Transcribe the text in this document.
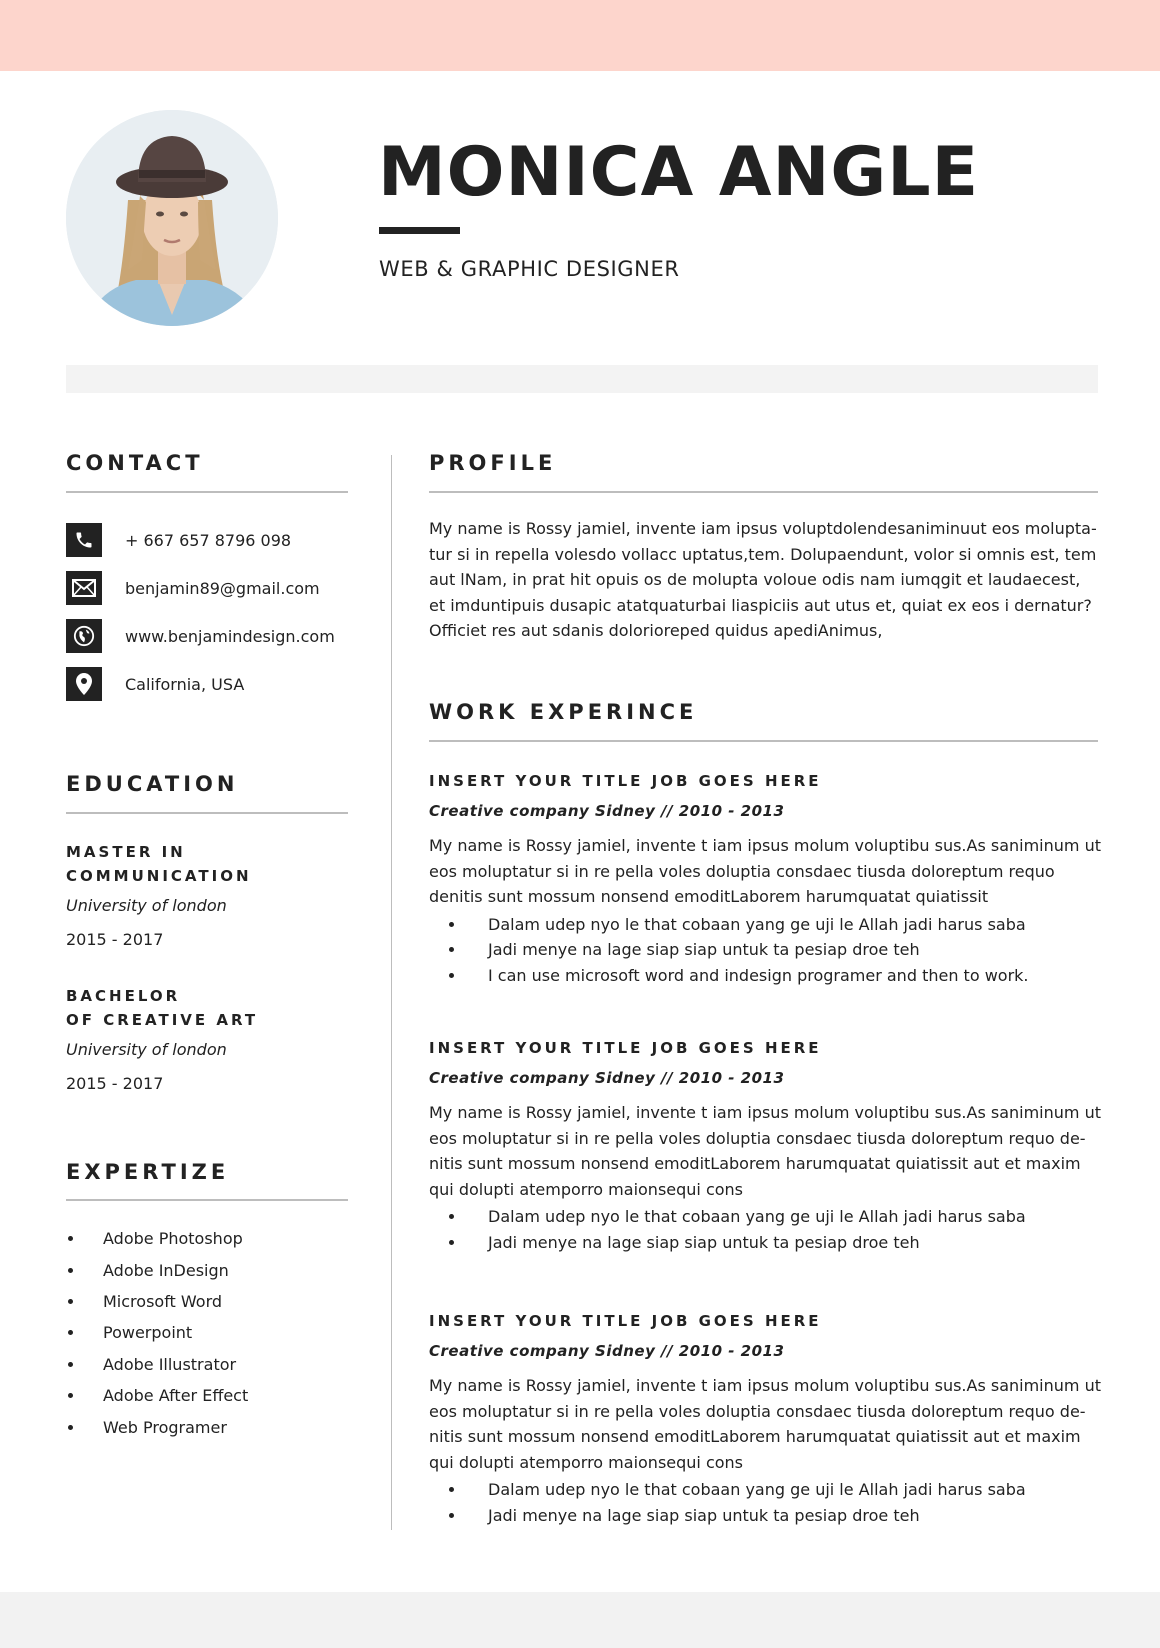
MONICA ANGLE

WEB & GRAPHIC DESIGNER

CONTACT
+ 667 657 8796 098
benjamin89@gmail.com
www.benjamindesign.com
California, USA
EDUCATION

MASTER IN
COMMUNICATION

University of london

2015 - 2017

BACHELOR
OF CREATIVE ART

University of london

2015 - 2017

EXPERTIZE
Adobe Photoshop
Adobe InDesign
Microsoft Word
Powerpoint
Adobe Illustrator
Adobe After Effect
Web Programer
PROFILE

My name is Rossy jamiel, invente iam ipsus voluptdolendesaniminuut eos molupta-tur si in repella volesdo vollacc uptatus,tem. Dolupaendunt, volor si omnis est, tem aut lNam, in prat hit opuis os de molupta voloue odis nam iumqgit et laudaecest, et imduntipuis dusapic atatquaturbai liaspiciis aut utus et, quiat ex eos i dernatur? Officiet res aut sdanis dolorioreped quidus apediAnimus,

WORK EXPERINCE

INSERT YOUR TITLE JOB GOES HERE

Creative company Sidney // 2010 - 2013

My name is Rossy jamiel, invente t iam ipsus molum voluptibu sus.As saniminum ut eos moluptatur si in re pella voles doluptia consdaec tiusda doloreptum requo denitis sunt mossum nonsend emoditLaborem harumquatat quiatissit

Dalam udep nyo le that cobaan yang ge uji le Allah jadi harus saba
Jadi menye na lage siap siap untuk ta pesiap droe teh
I can use microsoft word and indesign programer and then to work.

INSERT YOUR TITLE JOB GOES HERE

Creative company Sidney // 2010 - 2013

My name is Rossy jamiel, invente t iam ipsus molum voluptibu sus.As saniminum ut eos moluptatur si in re pella voles doluptia consdaec tiusda doloreptum requo de-nitis sunt mossum nonsend emoditLaborem harumquatat quiatissit aut et maxim qui dolupti atemporro maionsequi cons

Dalam udep nyo le that cobaan yang ge uji le Allah jadi harus saba
Jadi menye na lage siap siap untuk ta pesiap droe teh

INSERT YOUR TITLE JOB GOES HERE

Creative company Sidney // 2010 - 2013

My name is Rossy jamiel, invente t iam ipsus molum voluptibu sus.As saniminum ut eos moluptatur si in re pella voles doluptia consdaec tiusda doloreptum requo de-nitis sunt mossum nonsend emoditLaborem harumquatat quiatissit aut et maxim qui dolupti atemporro maionsequi cons

Dalam udep nyo le that cobaan yang ge uji le Allah jadi harus saba
Jadi menye na lage siap siap untuk ta pesiap droe teh
